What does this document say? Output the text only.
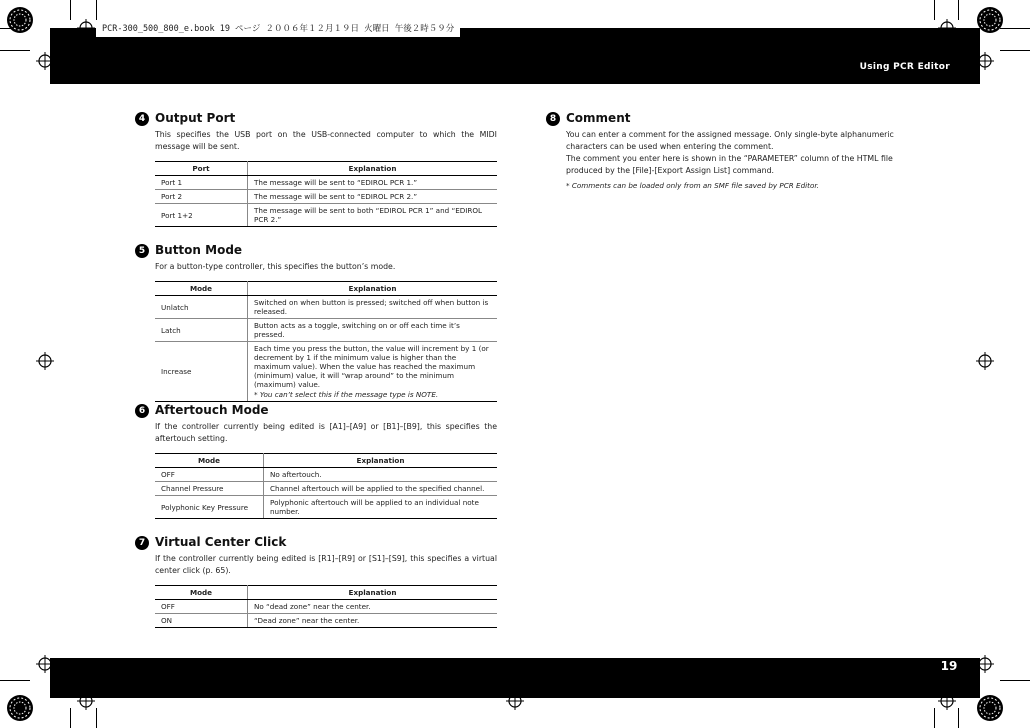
Using PCR Editor
PCR-300_500_800_e.book 19 ページ ２００６年１２月１９日 火曜日 午後２時５９分
19
4 Output Port

This specifies the USB port on the USB-connected computer to which the MIDI message will be sent.

Port	Explanation
Port 1	The message will be sent to “EDIROL PCR 1.”
Port 2	The message will be sent to “EDIROL PCR 2.”
Port 1+2	The message will be sent to both “EDIROL PCR 1” and “EDIROL PCR 2.”
5 Button Mode

For a button-type controller, this specifies the button’s mode.

Mode	Explanation
Unlatch	Switched on when button is pressed; switched off when button is released.
Latch	Button acts as a toggle, switching on or off each time it’s pressed.
Increase	Each time you press the button, the value will increment by 1 (or decrement by 1 if the minimum value is higher than the maximum value). When the value has reached the maximum (minimum) value, it will “wrap around” to the minimum (maximum) value.
* You can’t select this if the message type is NOTE.
6 Aftertouch Mode

If the controller currently being edited is [A1]–[A9] or [B1]–[B9], this specifies the aftertouch setting.

Mode	Explanation
OFF	No aftertouch.
Channel Pressure	Channel aftertouch will be applied to the specified channel.
Polyphonic Key Pressure	Polyphonic aftertouch will be applied to an individual note number.
7 Virtual Center Click

If the controller currently being edited is [R1]–[R9] or [S1]–[S9], this specifies a virtual center click (p. 65).

Mode	Explanation
OFF	No “dead zone” near the center.
ON	“Dead zone” near the center.
8 Comment

You can enter a comment for the assigned message. Only single-byte alphanumeric characters can be used when entering the comment.

The comment you enter here is shown in the “PARAMETER” column of the HTML file produced by the [File]-[Export Assign List] command.

* Comments can be loaded only from an SMF file saved by PCR Editor.
